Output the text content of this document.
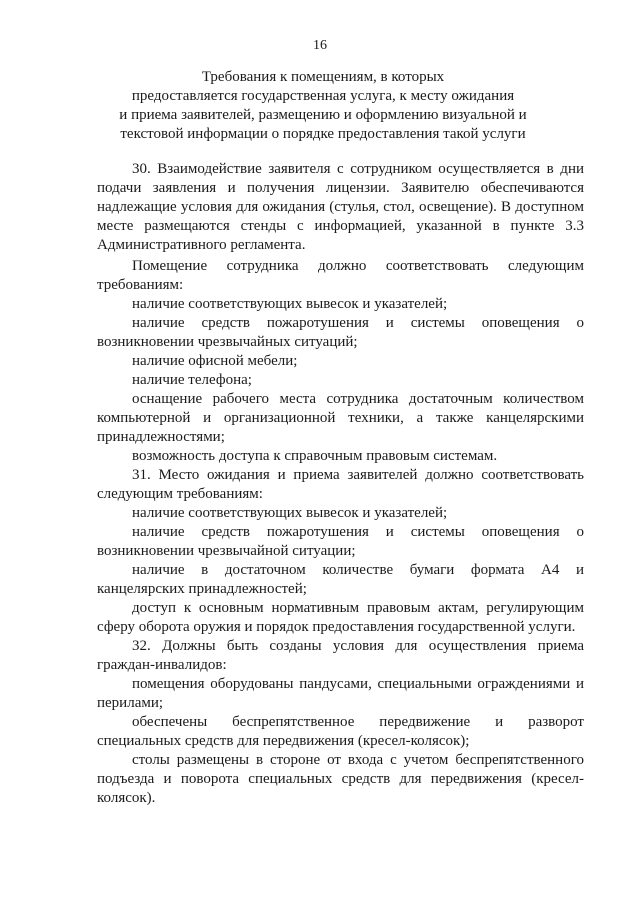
16
Требования к помещениям, в которых
предоставляется государственная услуга, к месту ожидания
и приема заявителей, размещению и оформлению визуальной и
текстовой информации о порядке предоставления такой услуги
30. Взаимодействие заявителя с сотрудником осуществляется в дни
подачи заявления и получения лицензии. Заявителю обеспечиваются
надлежащие условия для ожидания (стулья, стол, освещение). В доступном
месте размещаются стенды с информацией, указанной в пункте 3.3
Административного регламента.
Помещение сотрудника должно соответствовать следующим
требованиям:
наличие соответствующих вывесок и указателей;
наличие средств пожаротушения и системы оповещения о
возникновении чрезвычайных ситуаций;
наличие офисной мебели;
наличие телефона;
оснащение рабочего места сотрудника достаточным количеством
компьютерной и организационной техники, а также канцелярскими
принадлежностями;
возможность доступа к справочным правовым системам.
31. Место ожидания и приема заявителей должно соответствовать
следующим требованиям:
наличие соответствующих вывесок и указателей;
наличие средств пожаротушения и системы оповещения о
возникновении чрезвычайной ситуации;
наличие в достаточном количестве бумаги формата А4 и
канцелярских принадлежностей;
доступ к основным нормативным правовым актам, регулирующим
сферу оборота оружия и порядок предоставления государственной услуги.
32. Должны быть созданы условия для осуществления приема
граждан-инвалидов:
помещения оборудованы пандусами, специальными ограждениями и
перилами;
обеспечены беспрепятственное передвижение и разворот
специальных средств для передвижения (кресел-колясок);
столы размещены в стороне от входа с учетом беспрепятственного
подъезда и поворота специальных средств для передвижения (кресел-
колясок).
